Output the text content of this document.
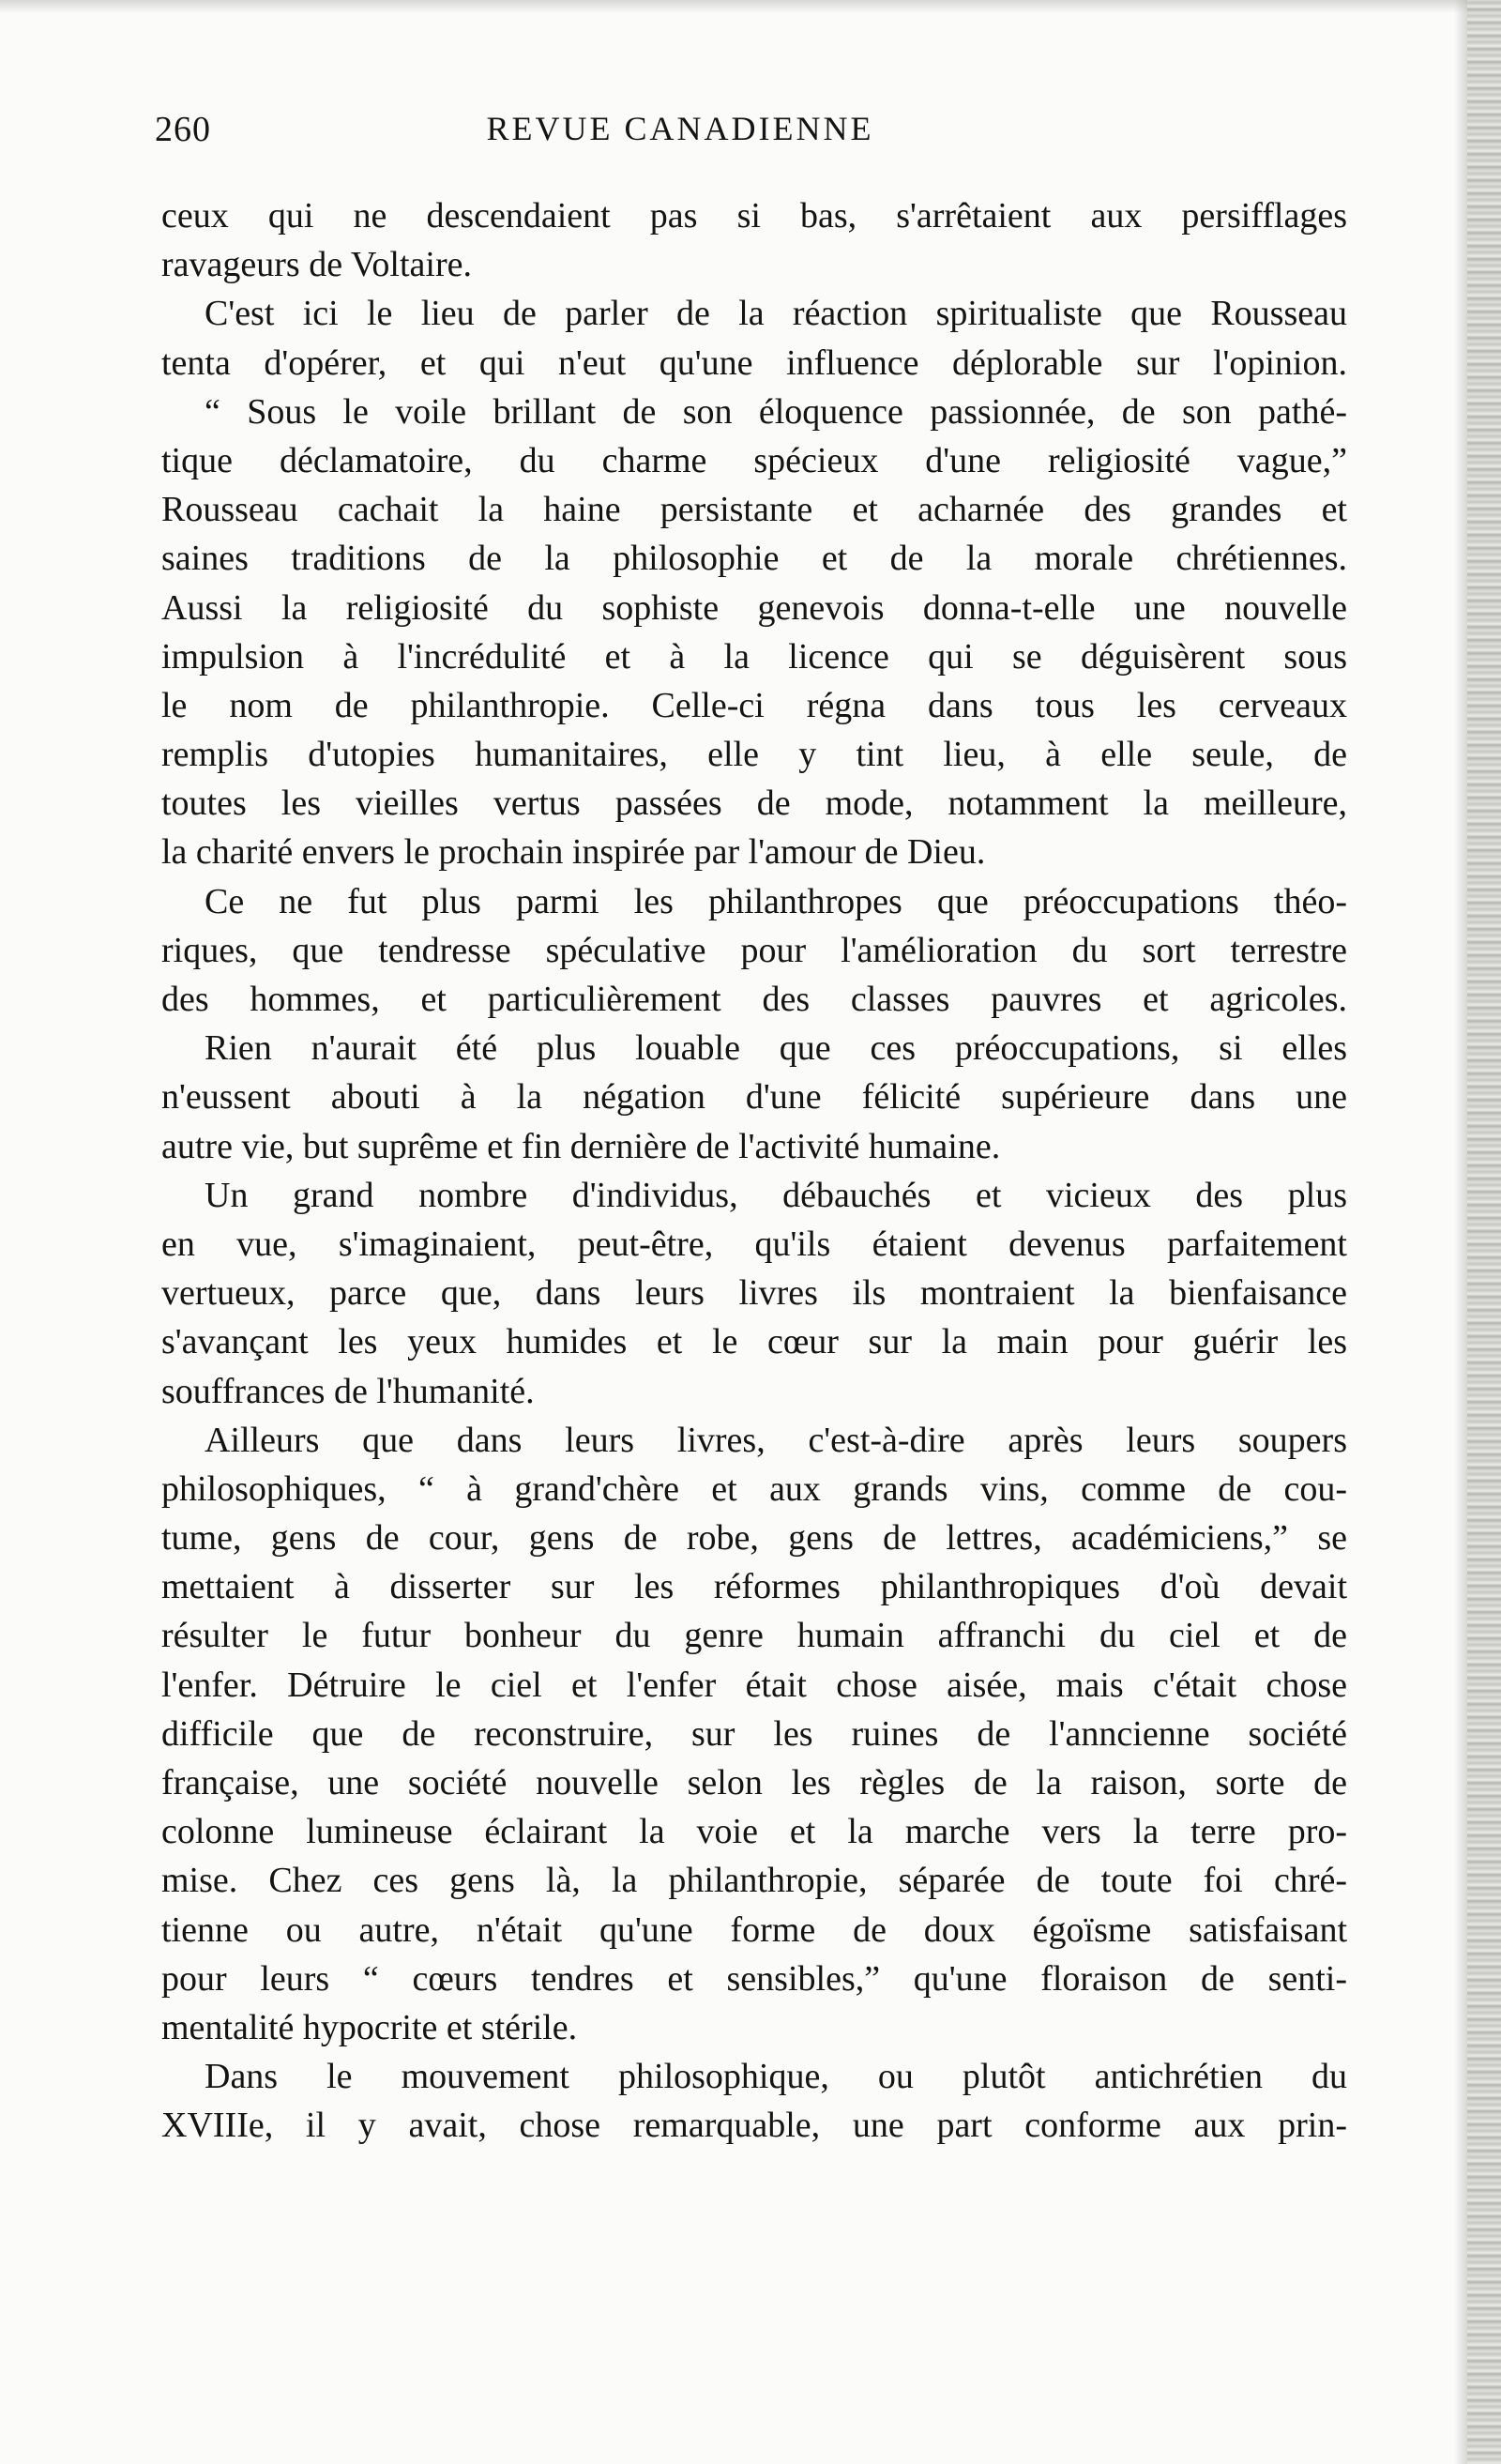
260	REVUE CANADIENNE
ceux qui ne descendaient pas si bas, s'arrêtaient aux persifflages
ravageurs de Voltaire.
C'est ici le lieu de parler de la réaction spiritualiste que Rousseau
tenta d'opérer, et qui n'eut qu'une influence déplorable sur l'opinion.
“ Sous le voile brillant de son éloquence passionnée, de son pathé-
tique déclamatoire, du charme spécieux d'une religiosité vague,”
Rousseau cachait la haine persistante et acharnée des grandes et
saines traditions de la philosophie et de la morale chrétiennes.
Aussi la religiosité du sophiste genevois donna-t-elle une nouvelle
impulsion à l'incrédulité et à la licence qui se déguisèrent sous
le nom de philanthropie. Celle-ci régna dans tous les cerveaux
remplis d'utopies humanitaires, elle y tint lieu, à elle seule, de
toutes les vieilles vertus passées de mode, notamment la meilleure,
la charité envers le prochain inspirée par l'amour de Dieu.
Ce ne fut plus parmi les philanthropes que préoccupations théo-
riques, que tendresse spéculative pour l'amélioration du sort terrestre
des hommes, et particulièrement des classes pauvres et agricoles.
Rien n'aurait été plus louable que ces préoccupations, si elles
n'eussent abouti à la négation d'une félicité supérieure dans une
autre vie, but suprême et fin dernière de l'activité humaine.
Un grand nombre d'individus, débauchés et vicieux des plus
en vue, s'imaginaient, peut-être, qu'ils étaient devenus parfaitement
vertueux, parce que, dans leurs livres ils montraient la bienfaisance
s'avançant les yeux humides et le cœur sur la main pour guérir les
souffrances de l'humanité.
Ailleurs que dans leurs livres, c'est-à-dire après leurs soupers
philosophiques, “ à grand'chère et aux grands vins, comme de cou-
tume, gens de cour, gens de robe, gens de lettres, académiciens,” se
mettaient à disserter sur les réformes philanthropiques d'où devait
résulter le futur bonheur du genre humain affranchi du ciel et de
l'enfer. Détruire le ciel et l'enfer était chose aisée, mais c'était chose
difficile que de reconstruire, sur les ruines de l'anncienne société
française, une société nouvelle selon les règles de la raison, sorte de
colonne lumineuse éclairant la voie et la marche vers la terre pro-
mise. Chez ces gens là, la philanthropie, séparée de toute foi chré-
tienne ou autre, n'était qu'une forme de doux égoïsme satisfaisant
pour leurs “ cœurs tendres et sensibles,” qu'une floraison de senti-
mentalité hypocrite et stérile.
Dans le mouvement philosophique, ou plutôt antichrétien du
XVIIIe, il y avait, chose remarquable, une part conforme aux prin-
